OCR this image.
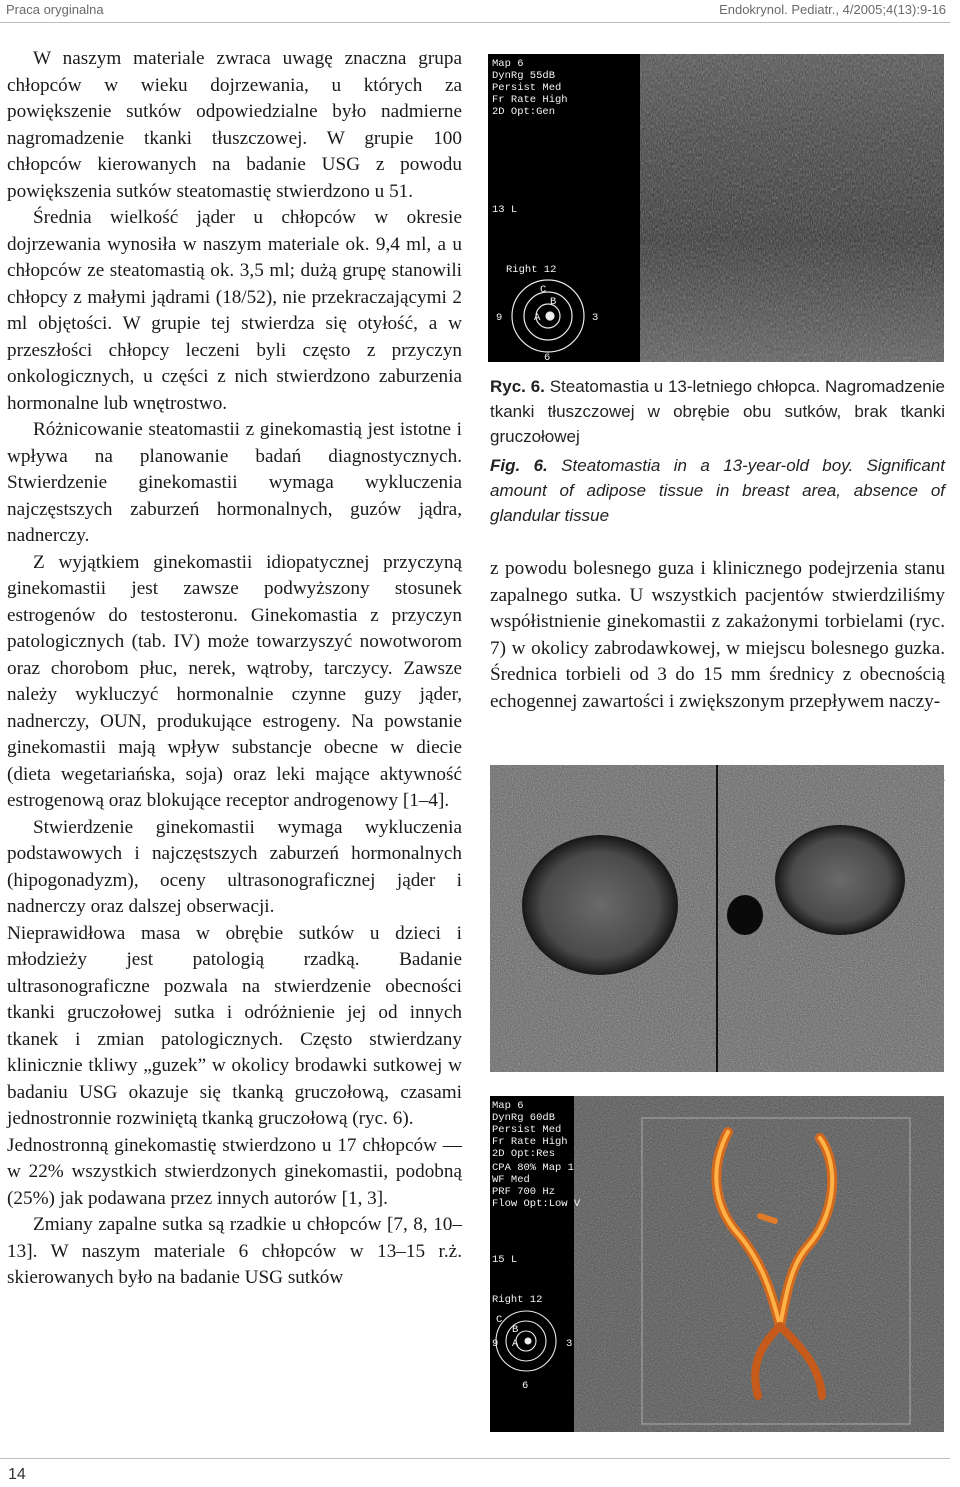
Praca oryginalna	Endokrynol. Pediatr., 4/2005;4(13):9-16

W naszym materiale zwraca uwagę znaczna grupa chłopców w wieku dojrzewania, u których za powiększenie sutków odpowiedzialne było nadmierne nagromadzenie tkanki tłuszczowej. W grupie 100 chłopców kierowanych na badanie USG z powodu powiększenia sutków steatomastię stwierdzono u 51.

Średnia wielkość jąder u chłopców w okresie dojrzewania wynosiła w naszym materiale ok. 9,4 ml, a u chłopców ze steatomastią ok. 3,5 ml; dużą grupę stanowili chłopcy z małymi jądrami (18/52), nie przekraczającymi 2 ml objętości. W grupie tej stwierdza się otyłość, a w przeszłości chłopcy leczeni byli często z przyczyn onkologicznych, u części z nich stwierdzono zaburzenia hormonalne lub wnętrostwo.

Różnicowanie steatomastii z ginekomastią jest istotne i wpływa na planowanie badań diagnostycznych. Stwierdzenie ginekomastii wymaga wykluczenia najczęstszych zaburzeń hormonalnych, guzów jądra, nadnerczy.

Z wyjątkiem ginekomastii idiopatycznej przyczyną ginekomastii jest zawsze podwyższony stosunek estrogenów do testosteronu. Ginekomastia z przyczyn patologicznych (tab. IV) może towarzyszyć nowotworom oraz chorobom płuc, nerek, wątroby, tarczycy. Zawsze należy wykluczyć hormonalnie czynne guzy jąder, nadnerczy, OUN, produkujące estrogeny. Na powstanie ginekomastii mają wpływ substancje obecne w diecie (dieta wegetariańska, soja) oraz leki mające aktywność estrogenową oraz blokujące receptor androgenowy [1–4].

Stwierdzenie ginekomastii wymaga wykluczenia podstawowych i najczęstszych zaburzeń hormonalnych (hipogonadyzm), oceny ultrasonograficznej jąder i nadnerczy oraz dalszej obserwacji.

Nieprawidłowa masa w obrębie sutków u dzieci i młodzieży jest patologią rzadką. Badanie ultrasonograficzne pozwala na stwierdzenie obecności tkanki gruczołowej sutka i odróżnienie jej od innych tkanek i zmian patologicznych. Często stwierdzany klinicznie tkliwy „guzek” w okolicy brodawki sutkowej w badaniu USG okazuje się tkanką gruczołową, czasami jednostronnie rozwiniętą tkanką gruczołową (ryc. 6).

Jednostronną ginekomastię stwierdzono u 17 chłopców — w 22% wszystkich stwierdzonych ginekomastii, podobną (25%) jak podawana przez innych autorów [1, 3].

Zmiany zapalne sutka są rzadkie u chłopców [7, 8, 10–13]. W naszym materiale 6 chłopców w 13–15 r.ż. skierowanych było na badanie USG sutków

Map 6
DynRg 55dB
Persist Med
Fr Rate High
2D Opt:Gen
13 L
Right 12
C
B
A
9	3
6

Ryc. 6. Steatomastia u 13-letniego chłopca. Nagromadzenie tkanki tłuszczowej w obrębie obu sutków, brak tkanki gruczołowej

Fig. 6. Steatomastia in a 13-year-old boy. Significant amount of adipose tissue in breast area, absence of glandular tissue

z powodu bolesnego guza i klinicznego podejrzenia stanu zapalnego sutka. U wszystkich pacjentów stwierdziliśmy współistnienie ginekomastii z zakażonymi torbielami (ryc. 7) w okolicy zabrodawkowej, w miejscu bolesnego guzka. Średnica torbieli od 3 do 15 mm średnicy z obecnością echogennej zawartości i zwiększonym przepływem naczy-

Map 6
DynRg 60dB
Persist Med
Fr Rate High
2D Opt:Res
CPA 80% Map 1
WF Med
PRF 700 Hz
Flow Opt:Low V
15 L
Right 12
C
B
A
9	3
6
14
